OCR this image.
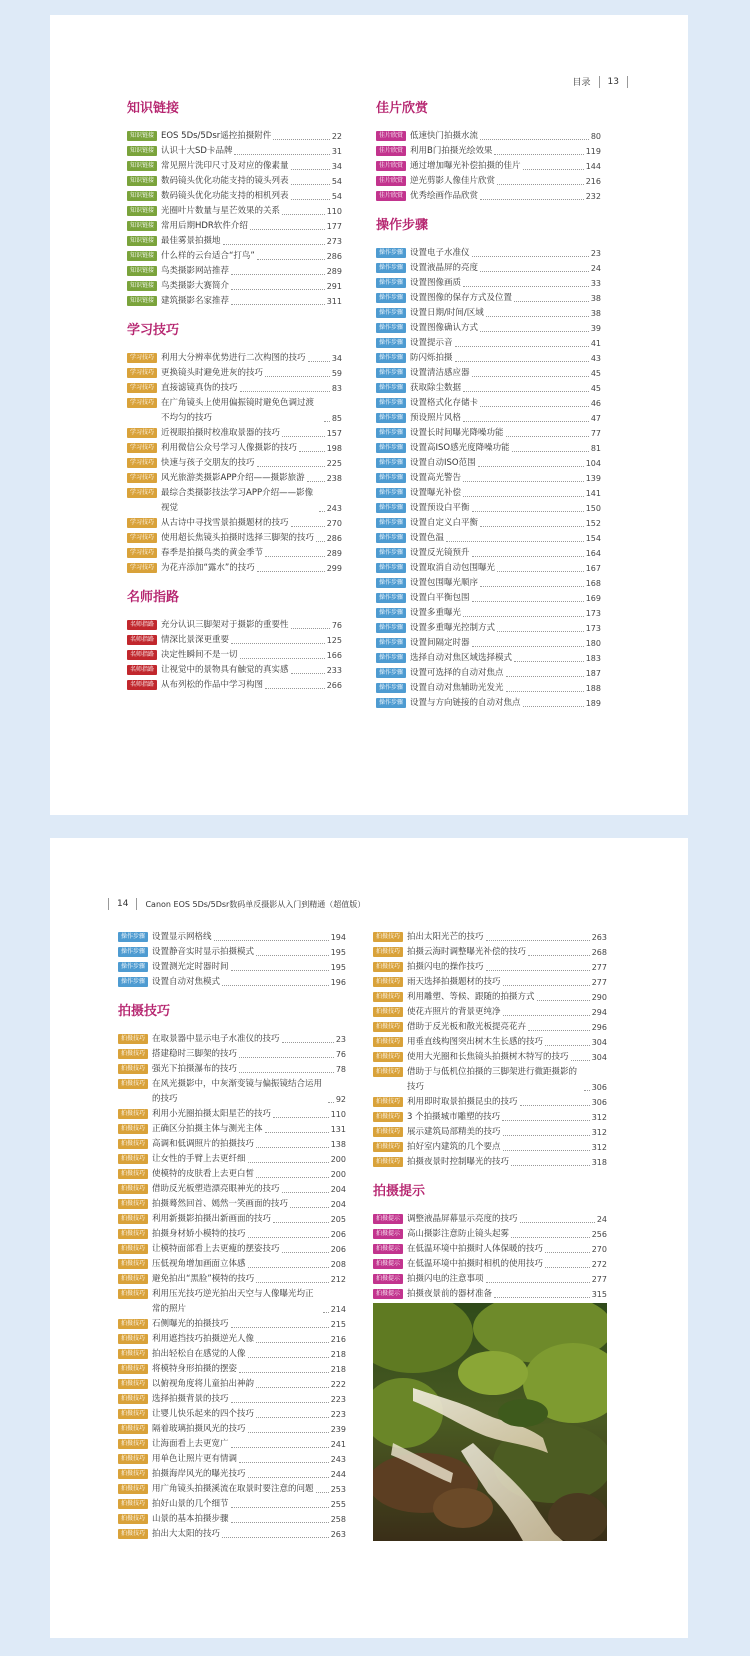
目录	13
知识链接
知识链接 EOS 5Ds/5Dsr遥控拍摄附件	22
知识链接 认识十大SD卡品牌	31
知识链接 常见照片洗印尺寸及对应的像素量	34
知识链接 数码镜头优化功能支持的镜头列表	54
知识链接 数码镜头优化功能支持的相机列表	54
知识链接 光圈叶片数量与星芒效果的关系	110
知识链接 常用后期HDR软件介绍	177
知识链接 最佳雾景拍摄地	273
知识链接 什么样的云台适合“打鸟”	286
知识链接 鸟类摄影网站推荐	289
知识链接 鸟类摄影大赛简介	291
知识链接 建筑摄影名家推荐	311
学习技巧
学习技巧 利用大分辨率优势进行二次构图的技巧	34
学习技巧 更换镜头时避免进灰的技巧	59
学习技巧 直接滤镜真伪的技巧	83
学习技巧 在广角镜头上使用偏振镜时避免色调过渡不均匀的技巧	85
学习技巧 近视眼拍摄时校准取景器的技巧	157
学习技巧 利用微信公众号学习人像摄影的技巧	198
学习技巧 快速与孩子交朋友的技巧	225
学习技巧 风光旅游类摄影APP介绍——摄影旅游	238
学习技巧 最综合类摄影技法学习APP介绍——影像视觉	243
学习技巧 从古诗中寻找雪景拍摄题材的技巧	270
学习技巧 使用超长焦镜头拍摄时选择三脚架的技巧 286
学习技巧 春季是拍摄鸟类的黄金季节	289
学习技巧 为花卉添加“露水”的技巧	299
名师指路
名师指路 充分认识三脚架对于摄影的重要性	76
名师指路 情深比景深更重要	125
名师指路 决定性瞬间不是一切	166
名师指路 让视觉中的景物具有触觉的真实感	233
名师指路 从布列松的作品中学习构图	266
佳片欣赏
佳片欣赏 低速快门拍摄水流	80
佳片欣赏 利用B门拍摄光绘效果	119
佳片欣赏 通过增加曝光补偿拍摄的佳片	144
佳片欣赏 逆光剪影人像佳片欣赏	216
佳片欣赏 优秀绘画作品欣赏	232
操作步骤
操作步骤 设置电子水准仪	23
操作步骤 设置液晶屏的亮度	24
操作步骤 设置图像画质	33
操作步骤 设置图像的保存方式及位置	38
操作步骤 设置日期/时间/区域	38
操作步骤 设置图像确认方式	39
操作步骤 设置提示音	41
操作步骤 防闪烁拍摄	43
操作步骤 设置清洁感应器	45
操作步骤 获取除尘数据	45
操作步骤 设置格式化存储卡	46
操作步骤 预设照片风格	47
操作步骤 设置长时间曝光降噪功能	77
操作步骤 设置高ISO感光度降噪功能	81
操作步骤 设置自动ISO范围	104
操作步骤 设置高光警告	139
操作步骤 设置曝光补偿	141
操作步骤 设置预设白平衡	150
操作步骤 设置自定义白平衡	152
操作步骤 设置色温	154
操作步骤 设置反光镜预升	164
操作步骤 设置取消自动包围曝光	167
操作步骤 设置包围曝光顺序	168
操作步骤 设置白平衡包围	169
操作步骤 设置多重曝光	173
操作步骤 设置多重曝光控制方式	173
操作步骤 设置间隔定时器	180
操作步骤 选择自动对焦区域选择模式	183
操作步骤 设置可选择的自动对焦点	187
操作步骤 设置自动对焦辅助光发光	188
操作步骤 设置与方向链接的自动对焦点	189
14	Canon EOS 5Ds/5Dsr数码单反摄影从入门到精通（超值版）
操作步骤 设置显示网格线	194
操作步骤 设置静音实时显示拍摄模式	195
操作步骤 设置测光定时器时间	195
操作步骤 设置自动对焦模式	196
拍摄技巧
拍摄技巧 在取景器中显示电子水准仪的技巧	23
拍摄技巧 搭建稳时三脚架的技巧	76
拍摄技巧 强光下拍摄瀑布的技巧	78
拍摄技巧 在风光摄影中，中灰渐变镜与偏振镜结合运用的技巧	92
拍摄技巧 利用小光圈拍摄太阳星芒的技巧	110
拍摄技巧 正确区分拍摄主体与测光主体	131
拍摄技巧 高调和低调照片的拍摄技巧	138
拍摄技巧 让女性的手臂上去更纤细	200
拍摄技巧 使模特的皮肤看上去更白皙	200
拍摄技巧 借助反光板塑造漂亮眼神光的技巧	204
拍摄技巧 拍摄蓦然回首、嫣然一笑画面的技巧	204
拍摄技巧 利用新摄影拍摄出新画面的技巧	205
拍摄技巧 拍摄身材娇小模特的技巧	206
拍摄技巧 让模特面部看上去更瘦的摆姿技巧	206
拍摄技巧 压低视角增加画面立体感	208
拍摄技巧 避免拍出“黑脸”模特的技巧	212
拍摄技巧 利用压光技巧逆光拍出天空与人像曝光均正常的照片	214
拍摄技巧 石侧曝光的拍摄技巧	215
拍摄技巧 利用遮挡技巧拍摄逆光人像	216
拍摄技巧 拍出轻松自在感觉的人像	218
拍摄技巧 将模特身形拍摄的摆姿	218
拍摄技巧 以俯视角度将儿童拍出神韵	222
拍摄技巧 选择拍摄背景的技巧	223
拍摄技巧 让婴儿快乐起来的四个技巧	223
拍摄技巧 隔着玻璃拍摄风光的技巧	239
拍摄技巧 让海面看上去更宽广	241
拍摄技巧 用单色让照片更有情调	243
拍摄技巧 拍摄海岸风光的曝光技巧	244
拍摄技巧 用广角镜头拍摄溪流在取景时要注意的问题 253
拍摄技巧 拍好山景的几个细节	255
拍摄技巧 山景的基本拍摄步骤	258
拍摄技巧 拍出大太阳的技巧	263
拍摄技巧 拍出太阳光芒的技巧	263
拍摄技巧 拍摄云海时调整曝光补偿的技巧	268
拍摄技巧 拍摄闪电的操作技巧	277
拍摄技巧 雨天选择拍摄题材的技巧	277
拍摄技巧 利用雕塑、等候、跟随的拍摄方式	290
拍摄技巧 使花卉照片的背景更纯净	294
拍摄技巧 借助于反光板和散光板提亮花卉	296
拍摄技巧 用垂直线构图突出树木生长感的技巧	304
拍摄技巧 使用大光圈和长焦镜头拍摄树木特写的技巧	304
拍摄技巧 借助于与低机位拍摄的三脚架进行微距摄影的技巧	306
拍摄技巧 利用即时取景拍摄昆虫的技巧	306
拍摄技巧 3 个拍摄城市雕塑的技巧	312
拍摄技巧 展示建筑局部精美的技巧	312
拍摄技巧 拍好室内建筑的几个要点	312
拍摄技巧 拍摄夜景时控制曝光的技巧	318
拍摄提示
拍摄提示 调整液晶屏幕显示亮度的技巧	24
拍摄提示 高山摄影注意防止镜头起雾	256
拍摄提示 在低温环境中拍摄时人体保暖的技巧	270
拍摄提示 在低温环境中拍摄时相机的使用技巧	272
拍摄提示 拍摄闪电的注意事项	277
拍摄提示 拍摄夜景前的器材准备	315
